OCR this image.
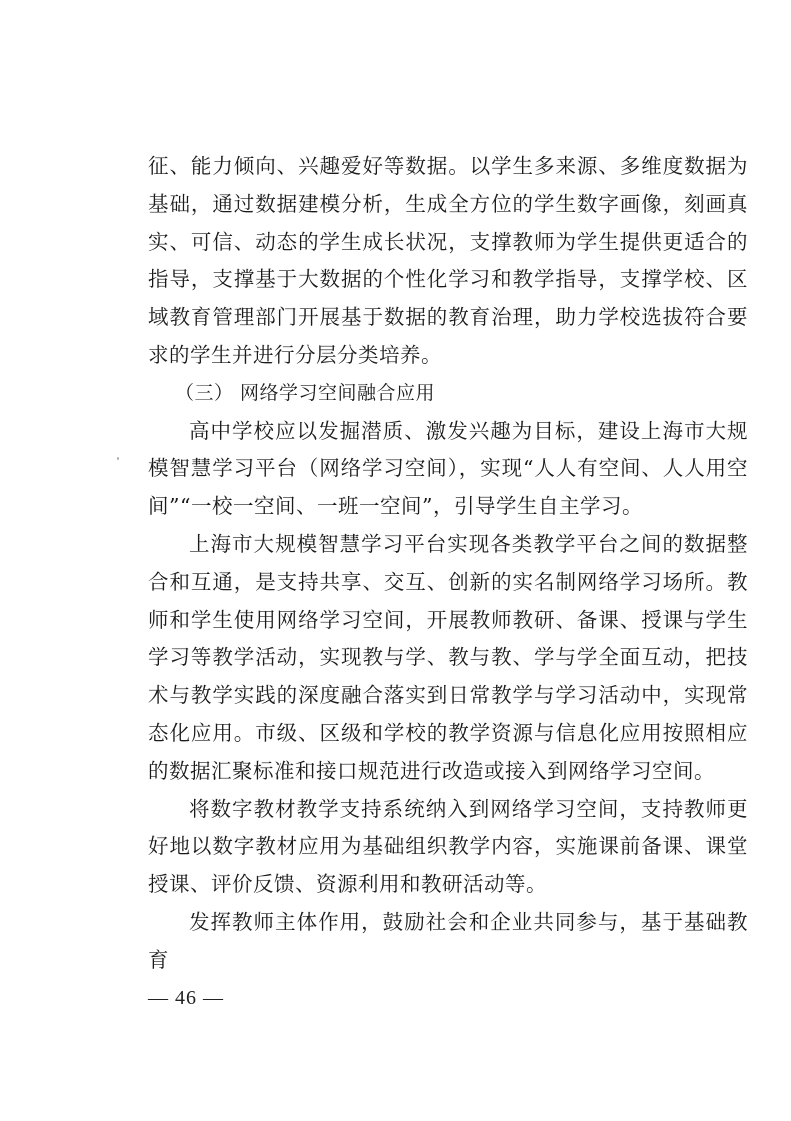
征、能力倾向、兴趣爱好等数据。以学生多来源、多维度数据为基础，通过数据建模分析，生成全方位的学生数字画像，刻画真实、可信、动态的学生成长状况，支撑教师为学生提供更适合的指导，支撑基于大数据的个性化学习和教学指导，支撑学校、区域教育管理部门开展基于数据的教育治理，助力学校选拔符合要求的学生并进行分层分类培养。

（三） 网络学习空间融合应用

高中学校应以发掘潜质、激发兴趣为目标，建设上海市大规模智慧学习平台（网络学习空间），实现“人人有空间、人人用空间”“一校一空间、一班一空间”，引导学生自主学习。

上海市大规模智慧学习平台实现各类教学平台之间的数据整合和互通，是支持共享、交互、创新的实名制网络学习场所。教师和学生使用网络学习空间，开展教师教研、备课、授课与学生学习等教学活动，实现教与学、教与教、学与学全面互动，把技术与教学实践的深度融合落实到日常教学与学习活动中，实现常态化应用。市级、区级和学校的教学资源与信息化应用按照相应的数据汇聚标准和接口规范进行改造或接入到网络学习空间。

将数字教材教学支持系统纳入到网络学习空间，支持教师更好地以数字教材应用为基础组织教学内容，实施课前备课、课堂授课、评价反馈、资源利用和教研活动等。

发挥教师主体作用，鼓励社会和企业共同参与，基于基础教育

— 46 —
